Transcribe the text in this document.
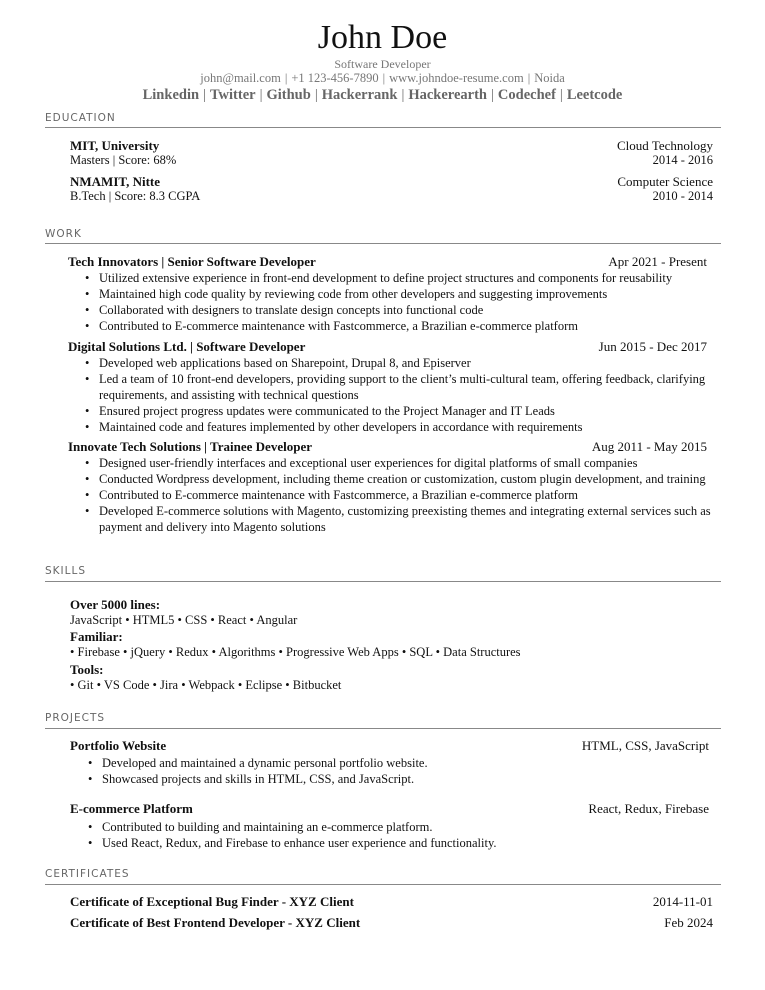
John Doe
Software Developer
john@mail.com | +1 123-456-7890 | www.johndoe-resume.com | Noida
Linkedin | Twitter | Github | Hackerrank | Hackerearth | Codechef | Leetcode
EDUCATION
MIT, University	Cloud Technology
Masters | Score: 68%	2014 - 2016
NMAMIT, Nitte	Computer Science
B.Tech | Score: 8.3 CGPA	2010 - 2014
WORK
Tech Innovators | Senior Software Developer	Apr 2021 - Present
• Utilized extensive experience in front-end development to define project structures and components for reusability
• Maintained high code quality by reviewing code from other developers and suggesting improvements
• Collaborated with designers to translate design concepts into functional code
• Contributed to E-commerce maintenance with Fastcommerce, a Brazilian e-commerce platform
Digital Solutions Ltd. | Software Developer	Jun 2015 - Dec 2017
• Developed web applications based on Sharepoint, Drupal 8, and Episerver
• Led a team of 10 front-end developers, providing support to the client’s multi-cultural team, offering feedback, clarifying requirements, and assisting with technical questions
• Ensured project progress updates were communicated to the Project Manager and IT Leads
• Maintained code and features implemented by other developers in accordance with requirements
Innovate Tech Solutions | Trainee Developer	Aug 2011 - May 2015
• Designed user-friendly interfaces and exceptional user experiences for digital platforms of small companies
• Conducted Wordpress development, including theme creation or customization, custom plugin development, and training
• Contributed to E-commerce maintenance with Fastcommerce, a Brazilian e-commerce platform
• Developed E-commerce solutions with Magento, customizing preexisting themes and integrating external services such as payment and delivery into Magento solutions
SKILLS
Over 5000 lines:
JavaScript • HTML5 • CSS • React • Angular
Familiar:
• Firebase • jQuery • Redux • Algorithms • Progressive Web Apps • SQL • Data Structures
Tools:
• Git • VS Code • Jira • Webpack • Eclipse • Bitbucket
PROJECTS
Portfolio Website	HTML, CSS, JavaScript
• Developed and maintained a dynamic personal portfolio website.
• Showcased projects and skills in HTML, CSS, and JavaScript.
E-commerce Platform	React, Redux, Firebase
• Contributed to building and maintaining an e-commerce platform.
• Used React, Redux, and Firebase to enhance user experience and functionality.
CERTIFICATES
Certificate of Exceptional Bug Finder - XYZ Client	2014-11-01
Certificate of Best Frontend Developer - XYZ Client	Feb 2024
